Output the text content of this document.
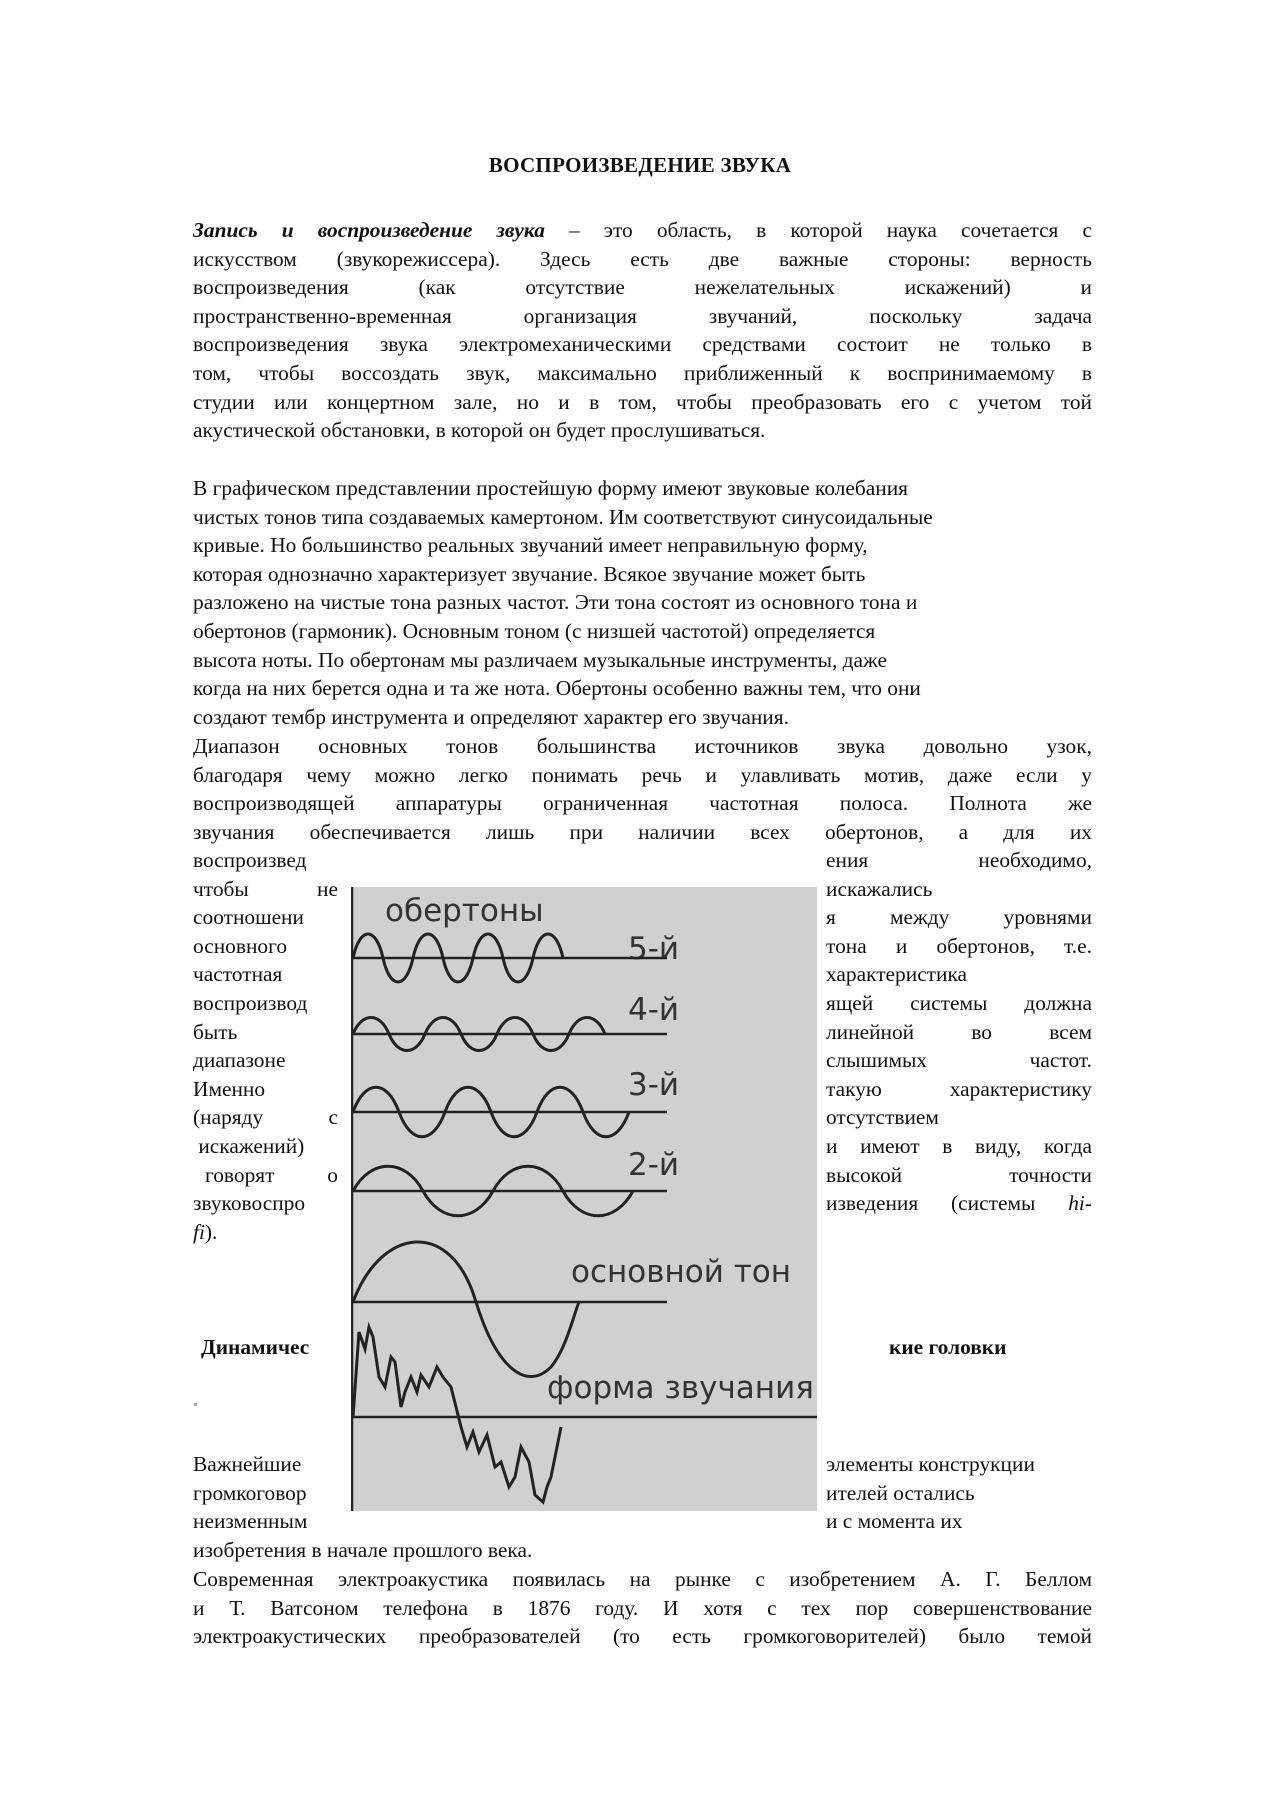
ВОСПРОИЗВЕДЕНИЕ ЗВУКА
Запись и воспроизведение звука – это область, в которой наука сочетается с
искусством (звукорежиссера). Здесь есть две важные стороны: верность
воспроизведения (как отсутствие нежелательных искажений) и
пространственно-временная организация звучаний, поскольку задача
воспроизведения звука электромеханическими средствами состоит не только в
том, чтобы воссоздать звук, максимально приближенный к воспринимаемому в
студии или концертном зале, но и в том, чтобы преобразовать его с учетом той
акустической обстановки, в которой он будет прослушиваться.
В графическом представлении простейшую форму имеют звуковые колебания
чистых тонов типа создаваемых камертоном. Им соответствуют синусоидальные
кривые. Но большинство реальных звучаний имеет неправильную форму,
которая однозначно характеризует звучание. Всякое звучание может быть
разложено на чистые тона разных частот. Эти тона состоят из основного тона и
обертонов (гармоник). Основным тоном (с низшей частотой) определяется
высота ноты. По обертонам мы различаем музыкальные инструменты, даже
когда на них берется одна и та же нота. Обертоны особенно важны тем, что они
создают тембр инструмента и определяют характер его звучания.
Диапазон основных тонов большинства источников звука довольно узок,
благодаря чему можно легко понимать речь и улавливать мотив, даже если у
воспроизводящей аппаратуры ограниченная частотная полоса. Полнота же
звучания обеспечивается лишь при наличии всех обертонов, а для их
воспроизвед
чтобы не
соотношени
основного
частотная
воспроизвод
быть
диапазоне
Именно
(наряду с
искажений)
говорят о
звуковоспро
fi).
ения необходимо,
искажались
я между уровнями
тона и обертонов, т.е.
характеристика
ящей системы должна
линейной во всем
слышимых частот.
такую характеристику
отсутствием
и имеют в виду, когда
высокой точности
изведения (системы hi-
Динамичес	кие головки
Важнейшие
громкоговор
неизменным
элементы конструкции
ителей остались
и с момента их
изобретения в начале прошлого века.
Современная электроакустика появилась на рынке с изобретением А. Г. Беллом
и Т. Ватсоном телефона в 1876 году. И хотя с тех пор совершенствование
электроакустических преобразователей (то есть громкоговорителей) было темой
обертоны
5-й
4-й
3-й
2-й
основной тон
форма звучания
